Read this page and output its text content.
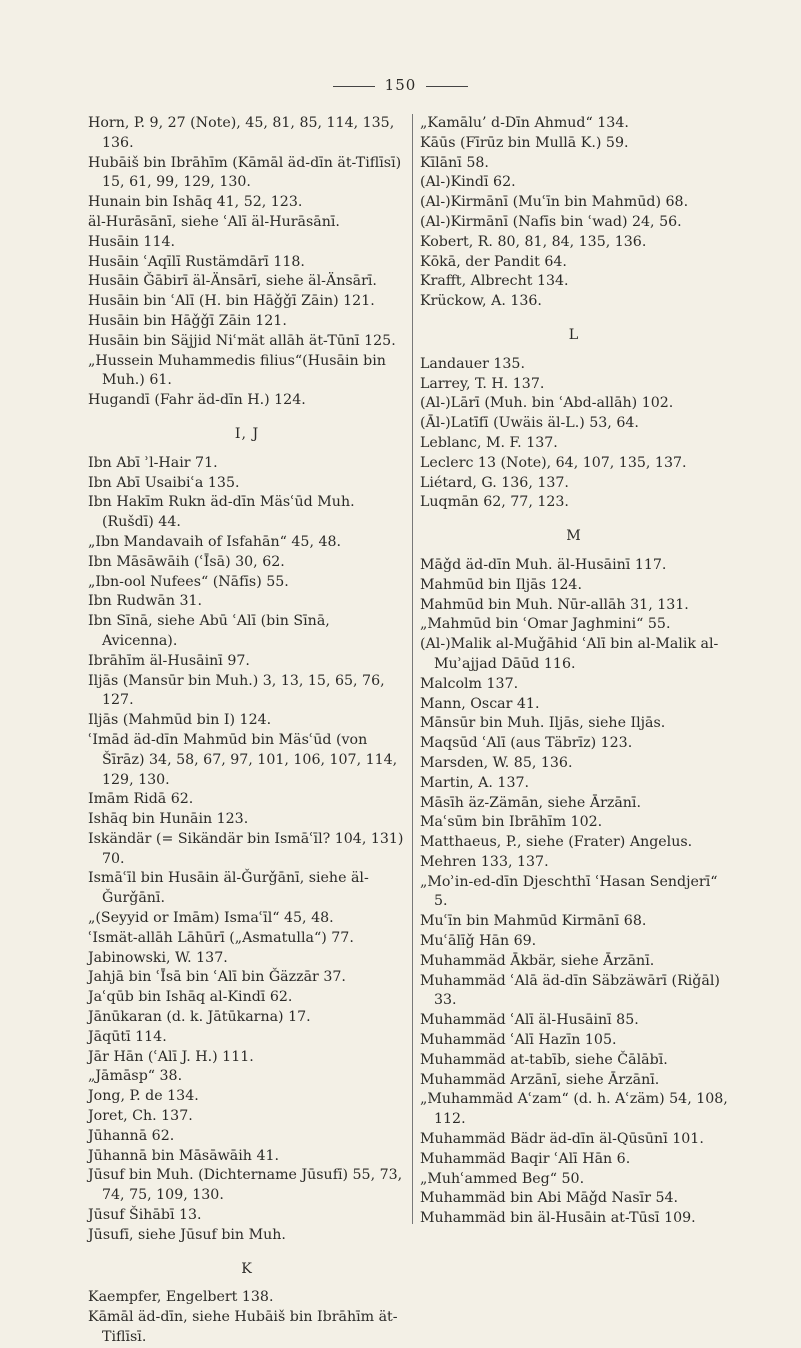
150

Horn, P. 9, 27 (Note), 45, 81, 85, 114, 135, 136.

Hubāiš bin Ibrāhīm (Kāmāl äd-dīn ät-Tiflīsī) 15, 61, 99, 129, 130.

Hunain bin Ishāq 41, 52, 123.

äl-Hurāsānī, siehe ʿAlī äl-Hurāsānī.

Husāin 114.

Husāin ʿAqīlī Rustämdārī 118.

Husāin Ǧābirī äl-Änsārī, siehe äl-Änsārī.

Husāin bin ʿAlī (H. bin Hāǧǧī Zāin) 121.

Husāin bin Hāǧǧī Zāin 121.

Husāin bin Säjjid Niʿmät allāh ät-Tūnī 125.

„Hussein Muhammedis filius“(Husāin bin Muh.) 61.

Hugandī (Fahr äd-dīn H.) 124.

I, J

Ibn Abī ʾl-Hair 71.

Ibn Abī Usaibiʿa 135.

Ibn Hakīm Rukn äd-dīn Mäsʿūd Muh. (Rušdī) 44.

„Ibn Mandavaih of Isfahān“ 45, 48.

Ibn Māsāwāih (ʿĪsā) 30, 62.

„Ibn-ool Nufees“ (Nāfīs) 55.

Ibn Rudwān 31.

Ibn Sīnā, siehe Abū ʿAlī (bin Sīnā, Avicenna).

Ibrāhīm äl-Husāinī 97.

Iljās (Mansūr bin Muh.) 3, 13, 15, 65, 76, 127.

Iljās (Mahmūd bin I) 124.

ʿImād äd-dīn Mahmūd bin Mäsʿūd (von Šīrāz) 34, 58, 67, 97, 101, 106, 107, 114, 129, 130.

Imām Ridā 62.

Ishāq bin Hunāin 123.

Iskändär (= Sikändär bin Ismāʿīl? 104, 131) 70.

Ismāʿīl bin Husāin äl-Ǧurǧānī, siehe äl-Ǧurǧānī.

„(Seyyid or Imām) Ismaʿīl“ 45, 48.

ʿIsmät-allāh Lāhūrī („Asmatulla“) 77.

Jabinowski, W. 137.

Jahjā bin ʿĪsā bin ʿAlī bin Ǧäzzār 37.

Jaʿqūb bin Ishāq al-Kindī 62.

Jānūkaran (d. k. Jātūkarna) 17.

Jāqūtī 114.

Jār Hān (ʿAlī J. H.) 111.

„Jāmāsp“ 38.

Jong, P. de 134.

Joret, Ch. 137.

Jūhannā 62.

Jūhannā bin Māsāwāih 41.

Jūsuf bin Muh. (Dichtername Jūsufī) 55, 73, 74, 75, 109, 130.

Jūsuf Šihābī 13.

Jūsufī, siehe Jūsuf bin Muh.

K

Kaempfer, Engelbert 138.

Kāmāl äd-dīn, siehe Hubāiš bin Ibrāhīm ät-Tiflīsī.

„Kamālu’ d-Dīn Ahmud“ 134.

Kāūs (Fīrūz bin Mullā K.) 59.

Kīlānī 58.

(Al-)Kindī 62.

(Al-)Kirmānī (Muʿīn bin Mahmūd) 68.

(Al-)Kirmānī (Nafīs bin ʿwad) 24, 56.

Kobert, R. 80, 81, 84, 135, 136.

Kōkā, der Pandit 64.

Krafft, Albrecht 134.

Krückow, A. 136.

L

Landauer 135.

Larrey, T. H. 137.

(Al-)Lārī (Muh. bin ʿAbd-allāh) 102.

(Āl-)Latīfī (Uwäis äl-L.) 53, 64.

Leblanc, M. F. 137.

Leclerc 13 (Note), 64, 107, 135, 137.

Liétard, G. 136, 137.

Luqmān 62, 77, 123.

M

Māǧd äd-dīn Muh. äl-Husāinī 117.

Mahmūd bin Iljās 124.

Mahmūd bin Muh. Nūr-allāh 31, 131.

„Mahmūd bin ʿOmar Jaghmini“ 55.

(Al-)Malik al-Muǧāhid ʿAlī bin al-Malik al-Muʾajjad Dāūd 116.

Malcolm 137.

Mann, Oscar 41.

Mānsūr bin Muh. Iljās, siehe Iljās.

Maqsūd ʿAlī (aus Täbrīz) 123.

Marsden, W. 85, 136.

Martin, A. 137.

Māsīh äz-Zämān, siehe Ārzānī.

Maʿsūm bin Ibrāhīm 102.

Matthaeus, P., siehe (Frater) Angelus.

Mehren 133, 137.

„Moʾin-ed-dīn Djeschthī ʿHasan Sendjerī“ 5.

Muʿīn bin Mahmūd Kirmānī 68.

Muʿālīǧ Hān 69.

Muhammäd Ākbär, siehe Ārzānī.

Muhammäd ʿAlā äd-dīn Säbzäwārī (Riǧāl) 33.

Muhammäd ʿAlī äl-Husāinī 85.

Muhammäd ʿAlī Hazīn 105.

Muhammäd at-tabīb, siehe Čālābī.

Muhammäd Arzānī, siehe Ārzānī.

„Muhammäd Aʿzam“ (d. h. Aʿzäm) 54, 108, 112.

Muhammäd Bädr äd-dīn äl-Qūsūnī 101.

Muhammäd Baqir ʿAlī Hān 6.

„Muhʿammed Beg“ 50.

Muhammäd bin Abi Māǧd Nasīr 54.

Muhammäd bin äl-Husāin at-Tūsī 109.
